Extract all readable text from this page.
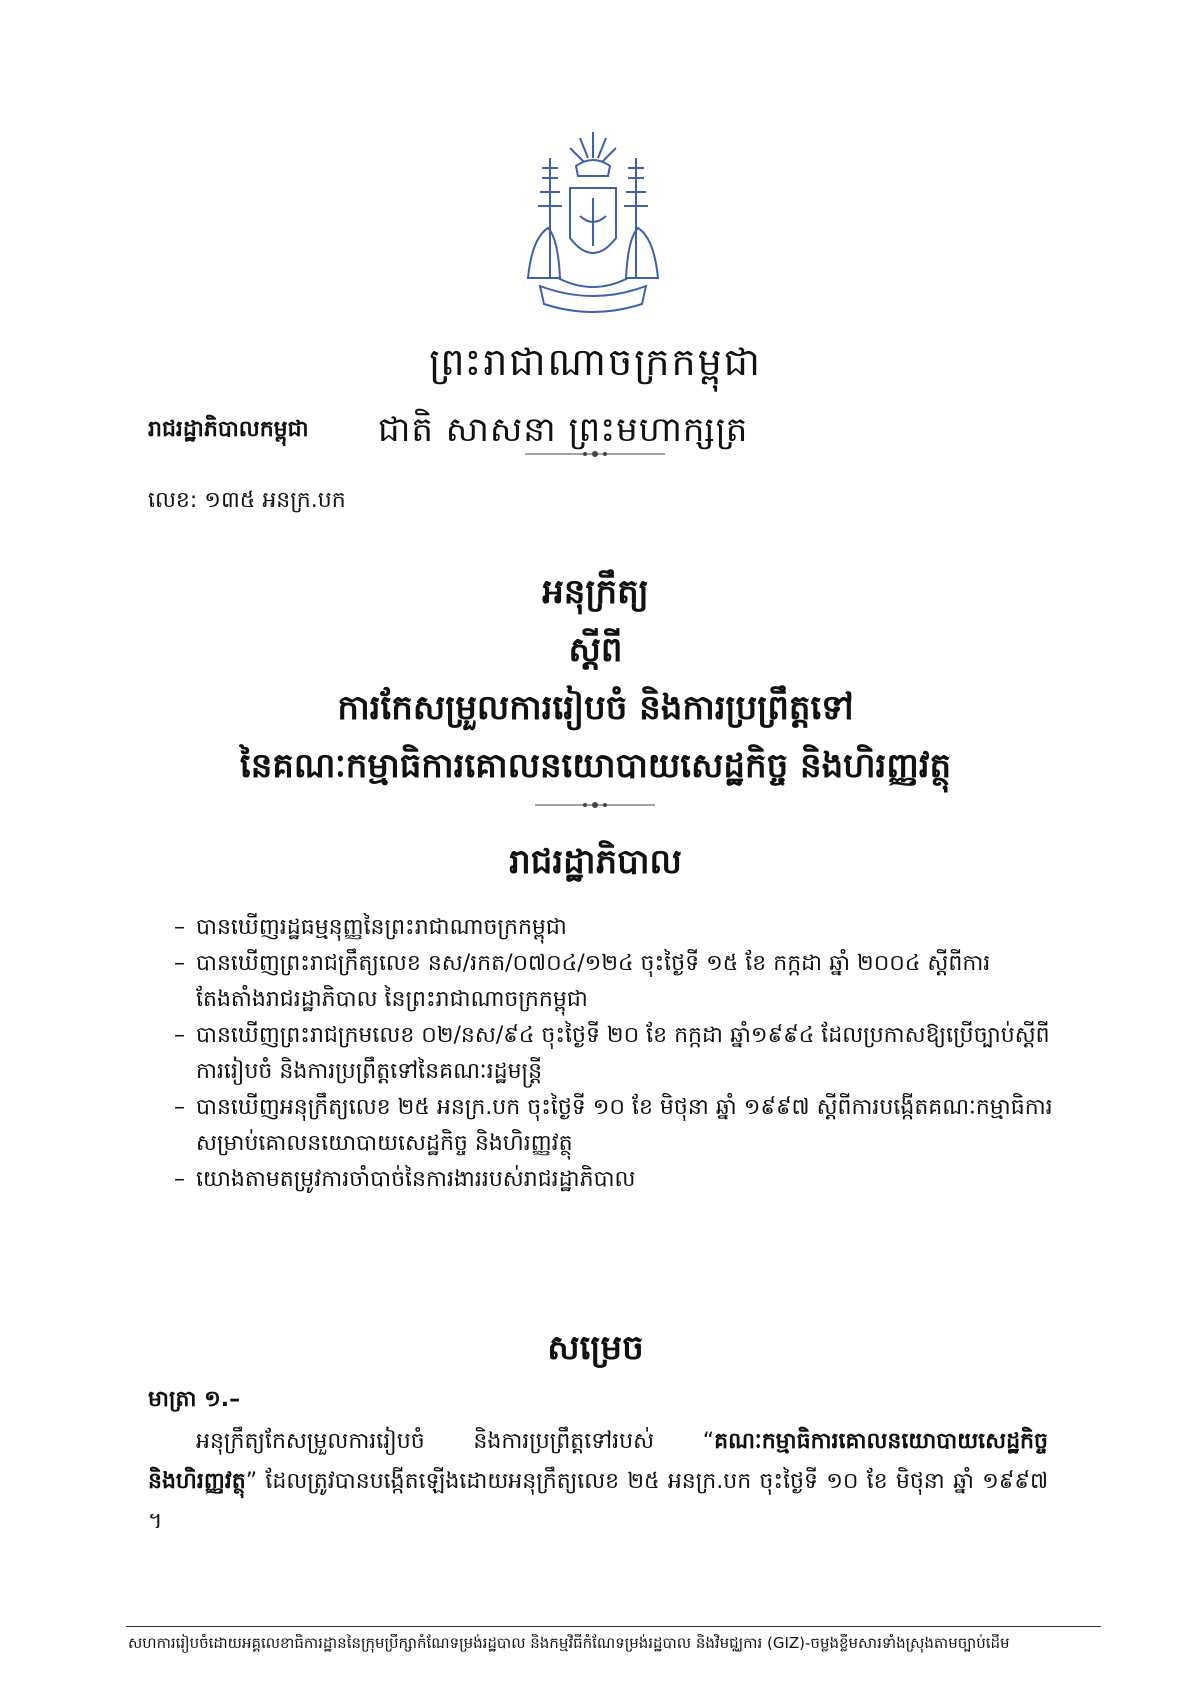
ព្រះរាជាណាចក្រកម្ពុជា
រាជរដ្ឋាភិបាលកម្ពុជា ជាតិ សាសនា ព្រះមហាក្សត្រ
លេខ: ១៣៥ អនក្រ.បក
អនុក្រឹត្យ
ស្តីពី
ការកែសម្រួលការរៀបចំ និងការប្រព្រឹត្តទៅ
នៃគណៈកម្មាធិការគោលនយោបាយសេដ្ឋកិច្ច និងហិរញ្ញវត្ថុ
រាជរដ្ឋាភិបាល
– បានឃើញរដ្ឋធម្មនុញ្ញនៃព្រះរាជាណាចក្រកម្ពុជា
– បានឃើញព្រះរាជក្រឹត្យលេខ នស/រកត/០៧០៤/១២៤ ចុះថ្ងៃទី ១៥ ខែ កក្កដា ឆ្នាំ ២០០៤ ស្តីពីការតែងតាំងរាជរដ្ឋាភិបាល នៃព្រះរាជាណាចក្រកម្ពុជា
– បានឃើញព្រះរាជក្រមលេខ ០២/នស/៩៤ ចុះថ្ងៃទី ២០ ខែ កក្កដា ឆ្នាំ១៩៩៤ ដែលប្រកាសឱ្យប្រើច្បាប់ស្តីពីការរៀបចំ និងការប្រព្រឹត្តទៅនៃគណៈរដ្ឋមន្ត្រី
– បានឃើញអនុក្រឹត្យលេខ ២៥ អនក្រ.បក ចុះថ្ងៃទី ១០ ខែ មិថុនា ឆ្នាំ ១៩៩៧ ស្តីពីការបង្កើតគណៈកម្មាធិការសម្រាប់គោលនយោបាយសេដ្ឋកិច្ច និងហិរញ្ញវត្ថុ
– យោងតាមតម្រូវការចាំបាច់នៃការងាររបស់រាជរដ្ឋាភិបាល
សម្រេច
មាត្រា ១.–
អនុក្រឹត្យកែសម្រួលការរៀបចំ និងការប្រព្រឹត្តទៅរបស់ “គណៈកម្មាធិការគោលនយោបាយសេដ្ឋកិច្ច និងហិរញ្ញវត្ថុ” ដែលត្រូវបានបង្កើតឡើងដោយអនុក្រឹត្យលេខ ២៥ អនក្រ.បក ចុះថ្ងៃទី ១០ ខែ មិថុនា ឆ្នាំ ១៩៩៧ ។
សហការរៀបចំដោយអគ្គលេខាធិការដ្ឋាននៃក្រុមប្រឹក្សាកំណែទម្រង់រដ្ឋបាល និងកម្មវិធីកំណែទម្រង់រដ្ឋបាល និងវិមជ្ឈការ (GIZ)-ចម្លងខ្លឹមសារទាំងស្រុងតាមច្បាប់ដើម
